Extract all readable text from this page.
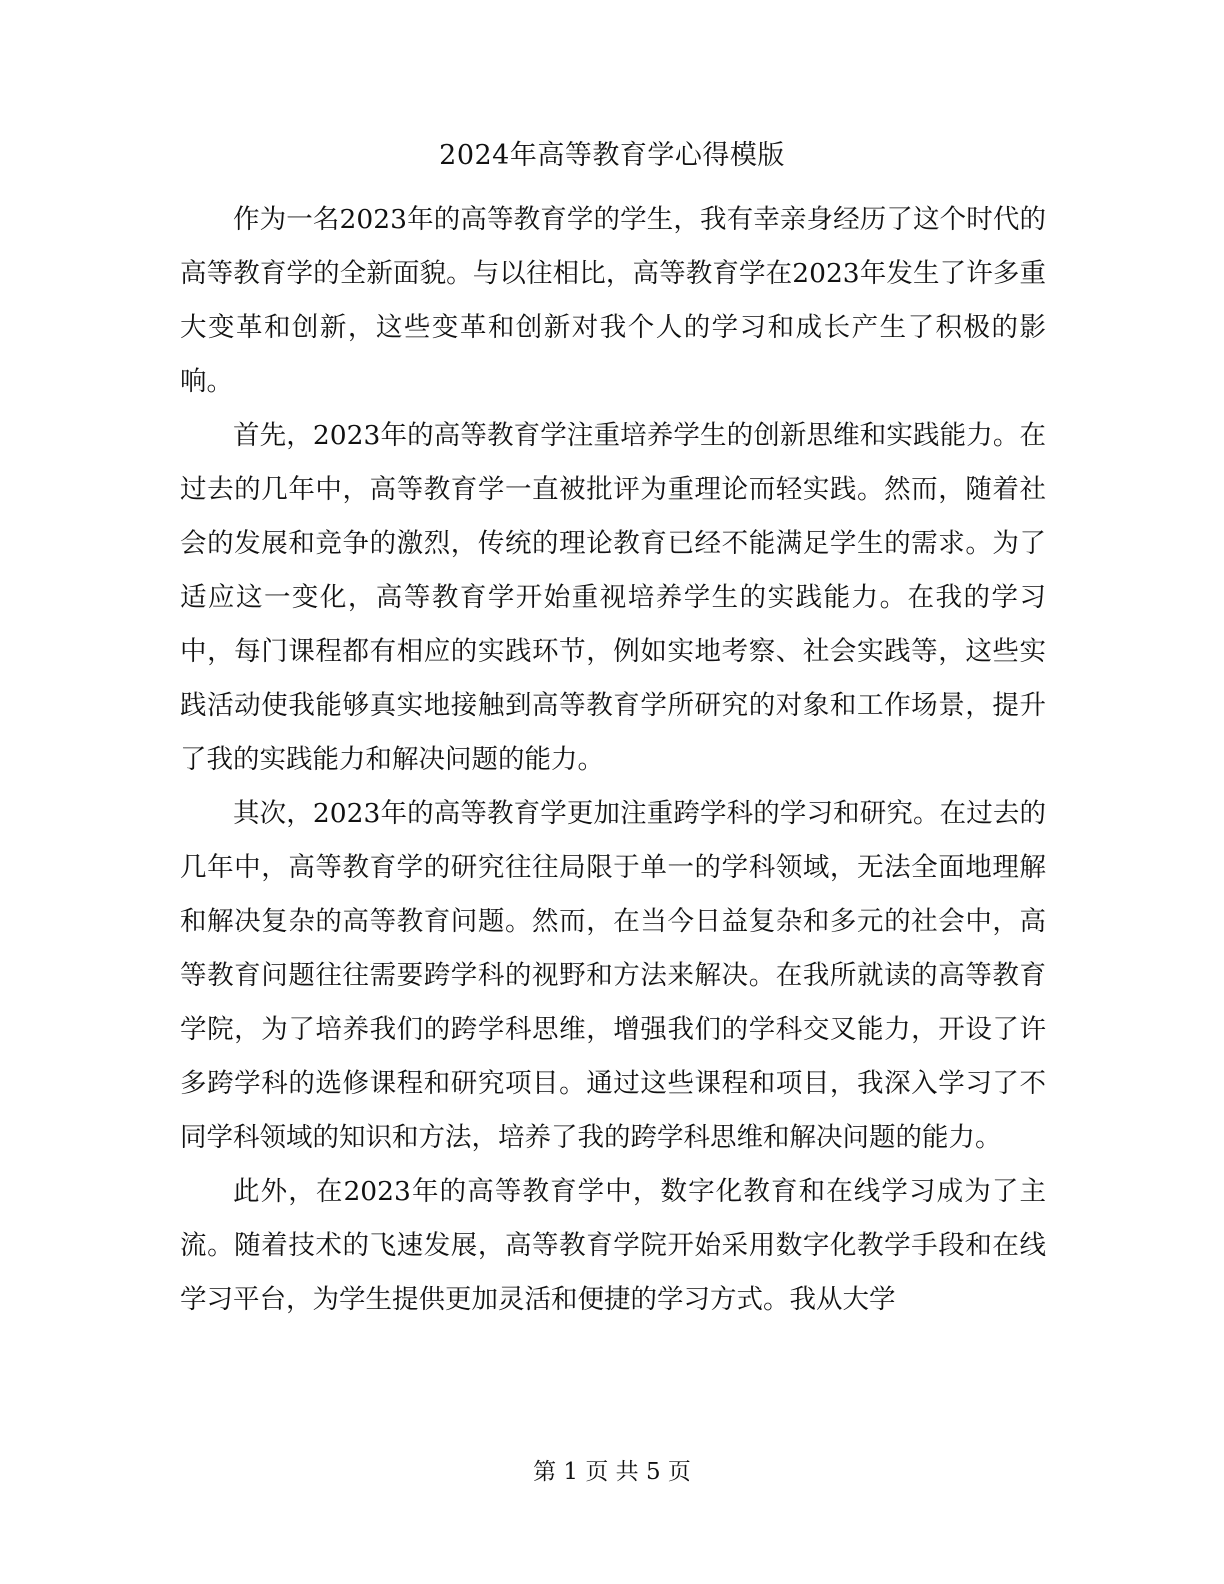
2024年高等教育学心得模版

作为一名2023年的高等教育学的学生，我有幸亲身经历了这个时代的高等教育学的全新面貌。与以往相比，高等教育学在2023年发生了许多重大变革和创新，这些变革和创新对我个人的学习和成长产生了积极的影响。

首先，2023年的高等教育学注重培养学生的创新思维和实践能力。在过去的几年中，高等教育学一直被批评为重理论而轻实践。然而，随着社会的发展和竞争的激烈，传统的理论教育已经不能满足学生的需求。为了适应这一变化，高等教育学开始重视培养学生的实践能力。在我的学习中，每门课程都有相应的实践环节，例如实地考察、社会实践等，这些实践活动使我能够真实地接触到高等教育学所研究的对象和工作场景，提升了我的实践能力和解决问题的能力。

其次，2023年的高等教育学更加注重跨学科的学习和研究。在过去的几年中，高等教育学的研究往往局限于单一的学科领域，无法全面地理解和解决复杂的高等教育问题。然而，在当今日益复杂和多元的社会中，高等教育问题往往需要跨学科的视野和方法来解决。在我所就读的高等教育学院，为了培养我们的跨学科思维，增强我们的学科交叉能力，开设了许多跨学科的选修课程和研究项目。通过这些课程和项目，我深入学习了不同学科领域的知识和方法，培养了我的跨学科思维和解决问题的能力。

此外，在2023年的高等教育学中，数字化教育和在线学习成为了主流。随着技术的飞速发展，高等教育学院开始采用数字化教学手段和在线学习平台，为学生提供更加灵活和便捷的学习方式。我从大学

第 1 页 共 5 页
